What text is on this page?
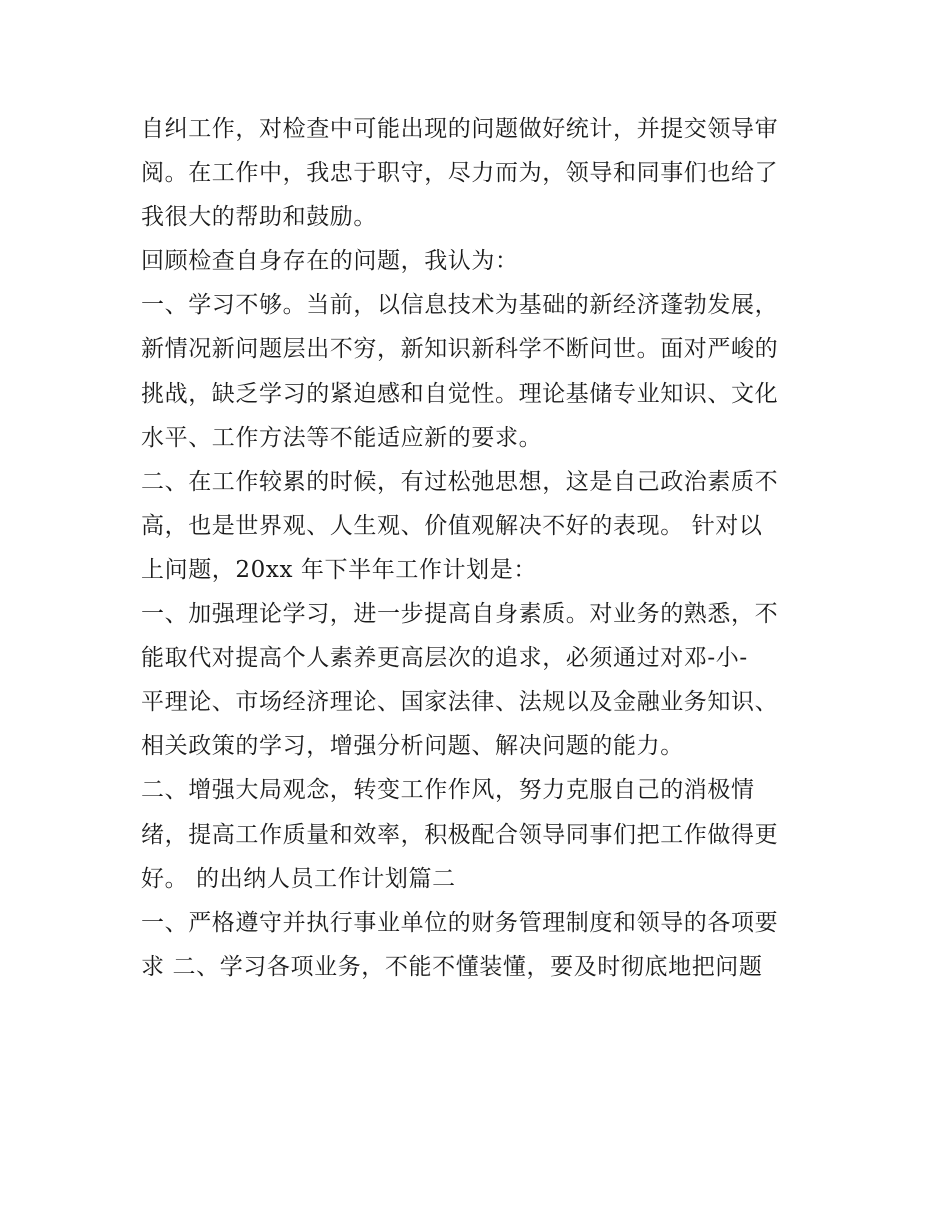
自纠工作，对检查中可能出现的问题做好统计，并提交领导审
阅。在工作中，我忠于职守，尽力而为，领导和同事们也给了
我很大的帮助和鼓励。
回顾检查自身存在的问题，我认为：
一、学习不够。当前，以信息技术为基础的新经济蓬勃发展，
新情况新问题层出不穷，新知识新科学不断问世。面对严峻的
挑战，缺乏学习的紧迫感和自觉性。理论基储专业知识、文化
水平、工作方法等不能适应新的要求。
二、在工作较累的时候，有过松弛思想，这是自己政治素质不
高，也是世界观、人生观、价值观解决不好的表现。 针对以
上问题，20xx 年下半年工作计划是：
一、加强理论学习，进一步提高自身素质。对业务的熟悉，不
能取代对提高个人素养更高层次的追求，必须通过对邓-小-
平理论、市场经济理论、国家法律、法规以及金融业务知识、
相关政策的学习，增强分析问题、解决问题的能力。
二、增强大局观念，转变工作作风，努力克服自己的消极情
绪，提高工作质量和效率，积极配合领导同事们把工作做得更
好。 的出纳人员工作计划篇二
一、严格遵守并执行事业单位的财务管理制度和领导的各项要
求 二、学习各项业务，不能不懂装懂，要及时彻底地把问题
